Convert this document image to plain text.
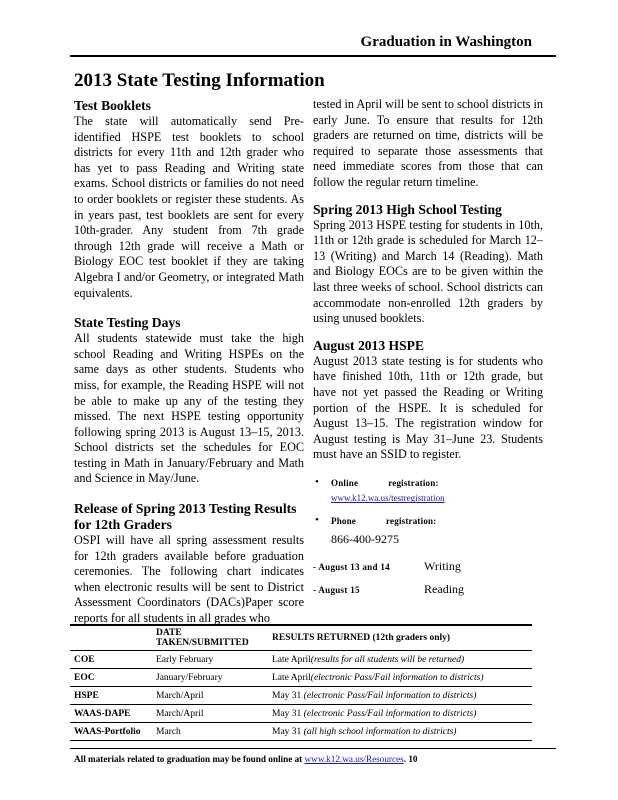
Graduation in Washington
2013 State Testing Information
Test Booklets

The state will automatically send Pre-identified HSPE test booklets to school districts for every 11th and 12th grader who has yet to pass Reading and Writing state exams. School districts or families do not need to order booklets or register these students. As in years past, test booklets are sent for every 10th-grader. Any student from 7th grade through 12th grade will receive a Math or Biology EOC test booklet if they are taking Algebra I and/or Geometry, or integrated Math equivalents.

State Testing Days

All students statewide must take the high school Reading and Writing HSPEs on the same days as other students. Students who miss, for example, the Reading HSPE will not be able to make up any of the testing they missed. The next HSPE testing opportunity following spring 2013 is August 13–15, 2013. School districts set the schedules for EOC testing in Math in January/February and Math and Science in May/June.

Release of Spring 2013 Testing Results for 12th Graders

OSPI will have all spring assessment results for 12th graders available before graduation ceremonies. The following chart indicates when electronic results will be sent to District Assessment Coordinators (DACs)Paper score reports for all students in all grades who

tested in April will be sent to school districts in early June. To ensure that results for 12th graders are returned on time, districts will be required to separate those assessments that need immediate scores from those that can follow the regular return timeline.

Spring 2013 High School Testing

Spring 2013 HSPE testing for students in 10th, 11th or 12th grade is scheduled for March 12–13 (Writing) and March 14 (Reading). Math and Biology EOCs are to be given within the last three weeks of school. School districts can accommodate non-enrolled 12th graders by using unused booklets.

August 2013 HSPE

August 2013 state testing is for students who have finished 10th, 11th or 12th grade, but have not yet passed the Reading or Writing portion of the HSPE. It is scheduled for August 13–15. The registration window for August testing is May 31–June 23. Students must have an SSID to register.

• Online	registration:
www.k12.wa.us/testregistration
• Phone	registration:
866-400-9275
- August 13 and 14	Writing
- August 15	Reading
	DATE TAKEN/SUBMITTED	RESULTS RETURNED (12th graders only)
COE	Early February	Late April(results for all students will be returned)
EOC	January/February	Late April(electronic Pass/Fail information to districts)
HSPE	March/April	May 31 (electronic Pass/Fail information to districts)
WAAS-DAPE	March/April	May 31 (electronic Pass/Fail information to districts)
WAAS-Portfolio	March	May 31 (all high school information to districts)
All materials related to graduation may be found online at www.k12.wa.us/Resources. 10
